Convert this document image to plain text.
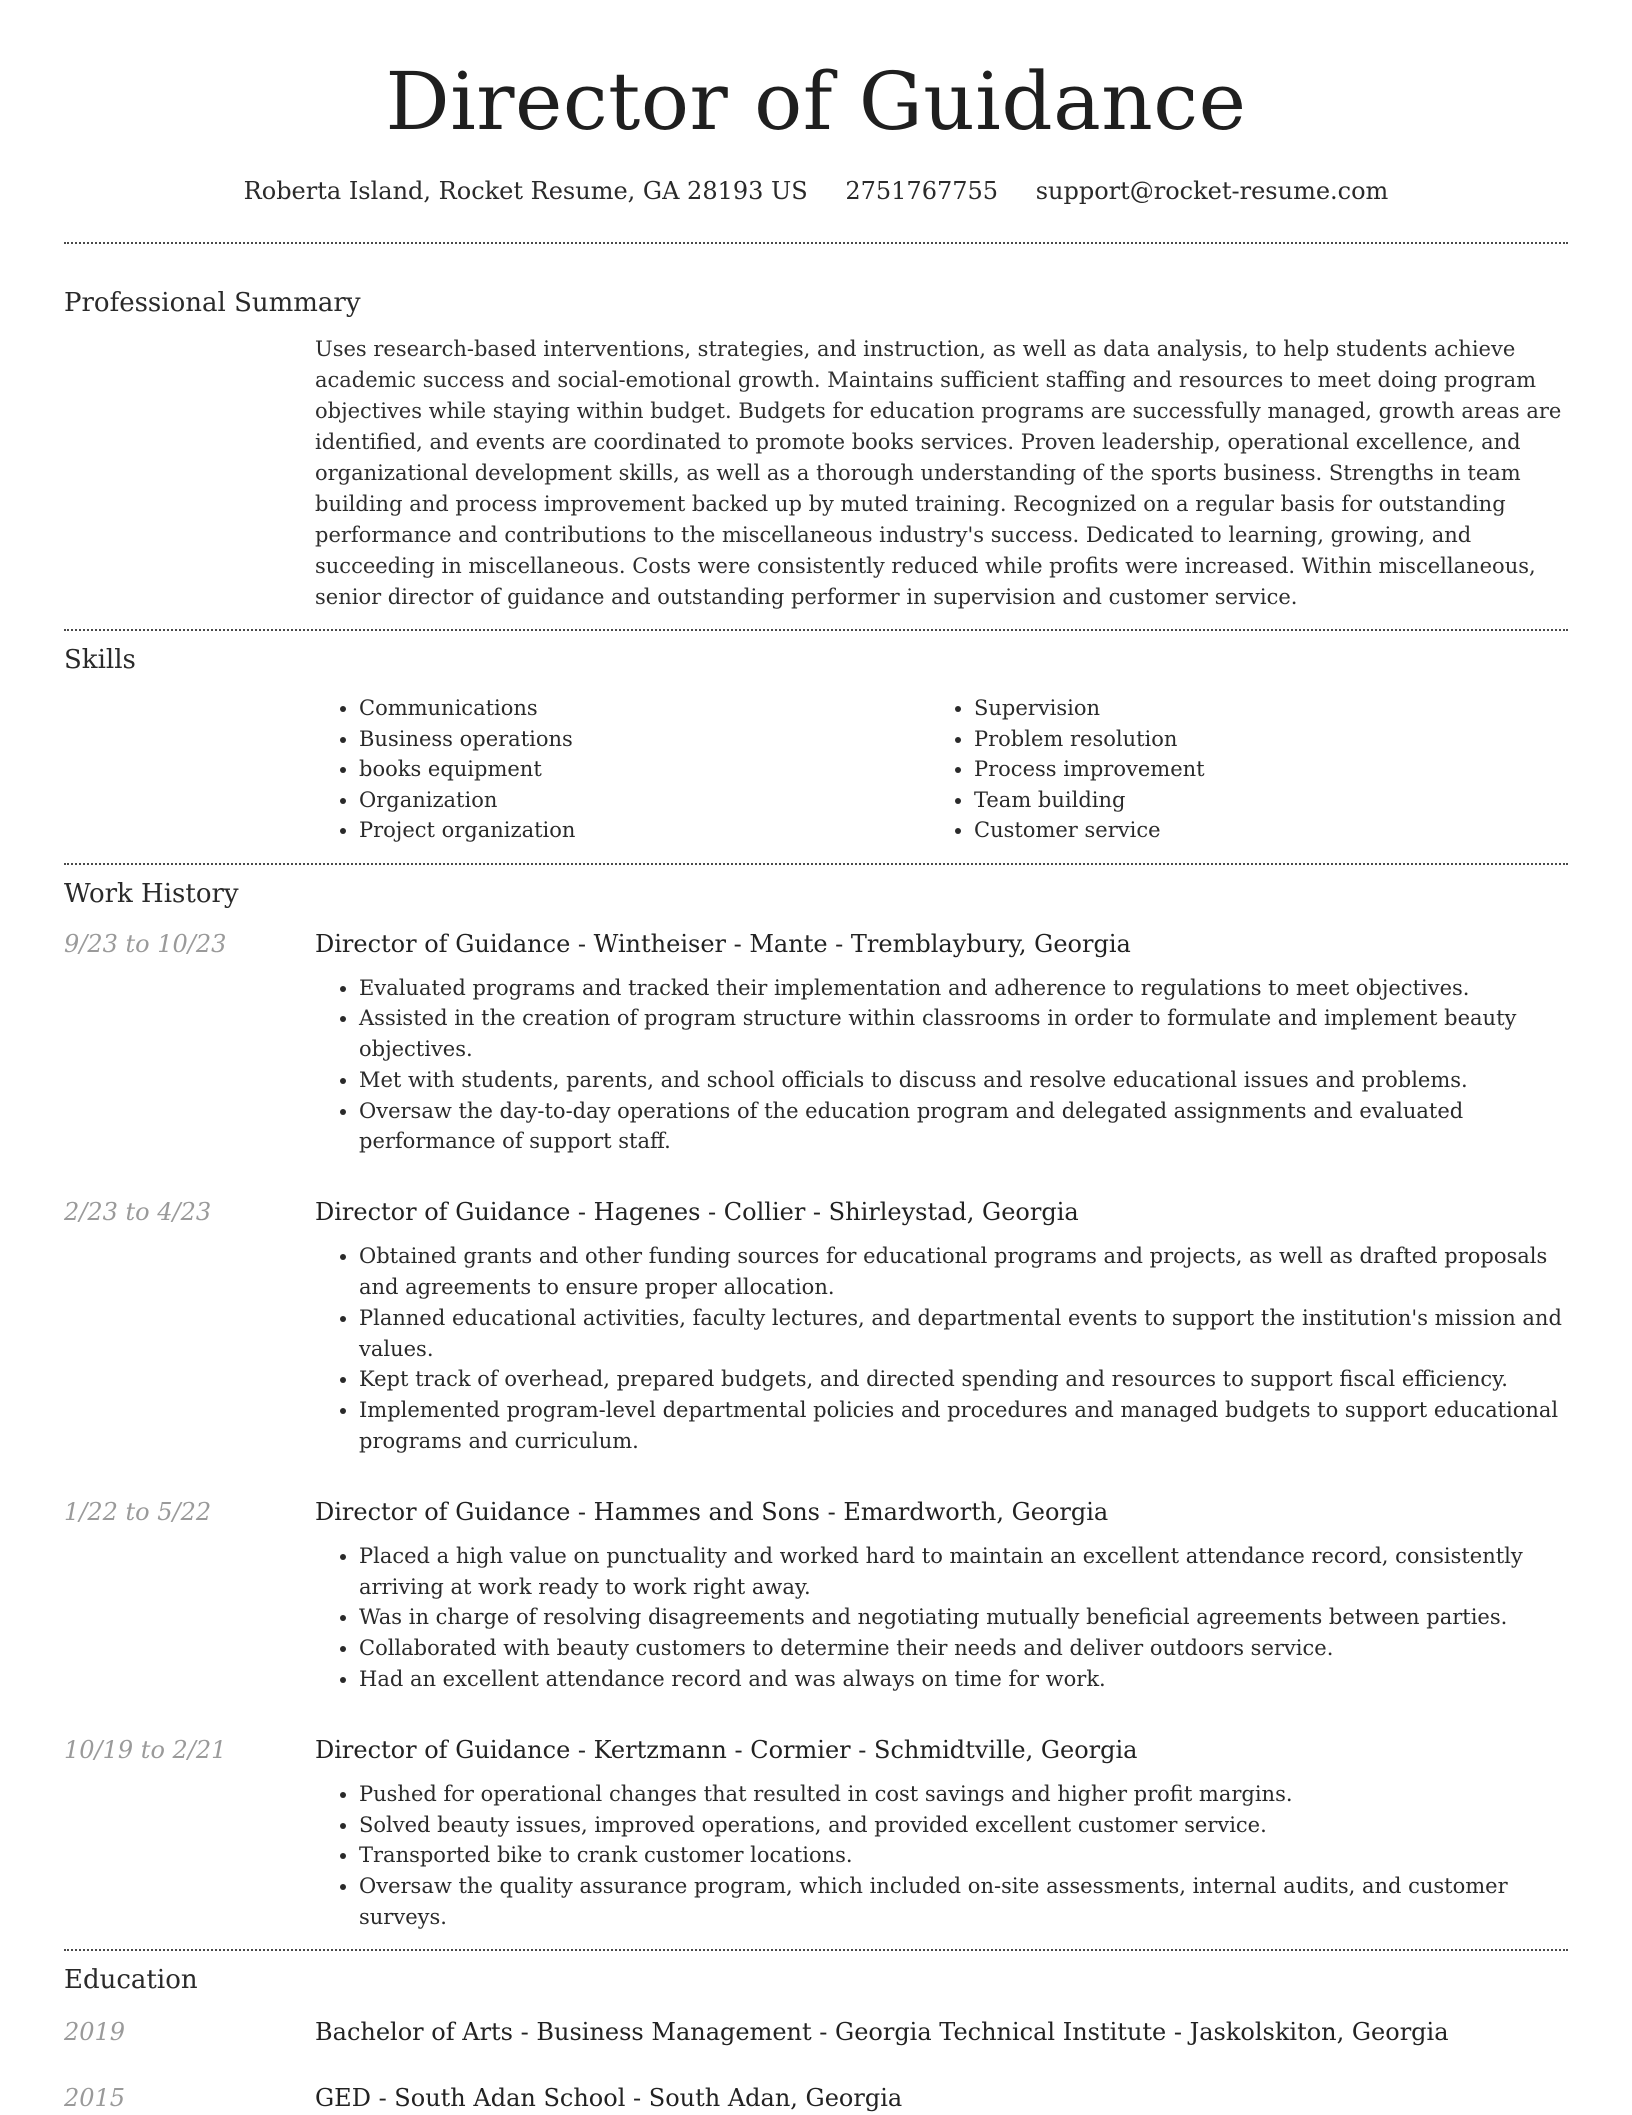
Director of Guidance
Roberta Island, Rocket Resume, GA 28193 US 2751767755 support@rocket-resume.com
Professional Summary
Uses research-based interventions, strategies, and instruction, as well as data analysis, to help students achieve academic success and social-emotional growth. Maintains sufficient staffing and resources to meet doing program objectives while staying within budget. Budgets for education programs are successfully managed, growth areas are identified, and events are coordinated to promote books services. Proven leadership, operational excellence, and organizational development skills, as well as a thorough understanding of the sports business. Strengths in team building and process improvement backed up by muted training. Recognized on a regular basis for outstanding performance and contributions to the miscellaneous industry's success. Dedicated to learning, growing, and succeeding in miscellaneous. Costs were consistently reduced while profits were increased. Within miscellaneous, senior director of guidance and outstanding performer in supervision and customer service.
Skills
• Communications
• Business operations
• books equipment
• Organization
• Project organization
• Supervision
• Problem resolution
• Process improvement
• Team building
• Customer service
Work History
9/23 to 10/23	Director of Guidance - Wintheiser - Mante - Tremblaybury, Georgia
• Evaluated programs and tracked their implementation and adherence to regulations to meet objectives.
• Assisted in the creation of program structure within classrooms in order to formulate and implement beauty objectives.
• Met with students, parents, and school officials to discuss and resolve educational issues and problems.
• Oversaw the day-to-day operations of the education program and delegated assignments and evaluated performance of support staff.
2/23 to 4/23	Director of Guidance - Hagenes - Collier - Shirleystad, Georgia
• Obtained grants and other funding sources for educational programs and projects, as well as drafted proposals and agreements to ensure proper allocation.
• Planned educational activities, faculty lectures, and departmental events to support the institution's mission and values.
• Kept track of overhead, prepared budgets, and directed spending and resources to support fiscal efficiency.
• Implemented program-level departmental policies and procedures and managed budgets to support educational programs and curriculum.
1/22 to 5/22	Director of Guidance - Hammes and Sons - Emardworth, Georgia
• Placed a high value on punctuality and worked hard to maintain an excellent attendance record, consistently arriving at work ready to work right away.
• Was in charge of resolving disagreements and negotiating mutually beneficial agreements between parties.
• Collaborated with beauty customers to determine their needs and deliver outdoors service.
• Had an excellent attendance record and was always on time for work.
10/19 to 2/21	Director of Guidance - Kertzmann - Cormier - Schmidtville, Georgia
• Pushed for operational changes that resulted in cost savings and higher profit margins.
• Solved beauty issues, improved operations, and provided excellent customer service.
• Transported bike to crank customer locations.
• Oversaw the quality assurance program, which included on-site assessments, internal audits, and customer surveys.
Education
2019	Bachelor of Arts - Business Management - Georgia Technical Institute - Jaskolskiton, Georgia
2015	GED - South Adan School - South Adan, Georgia
